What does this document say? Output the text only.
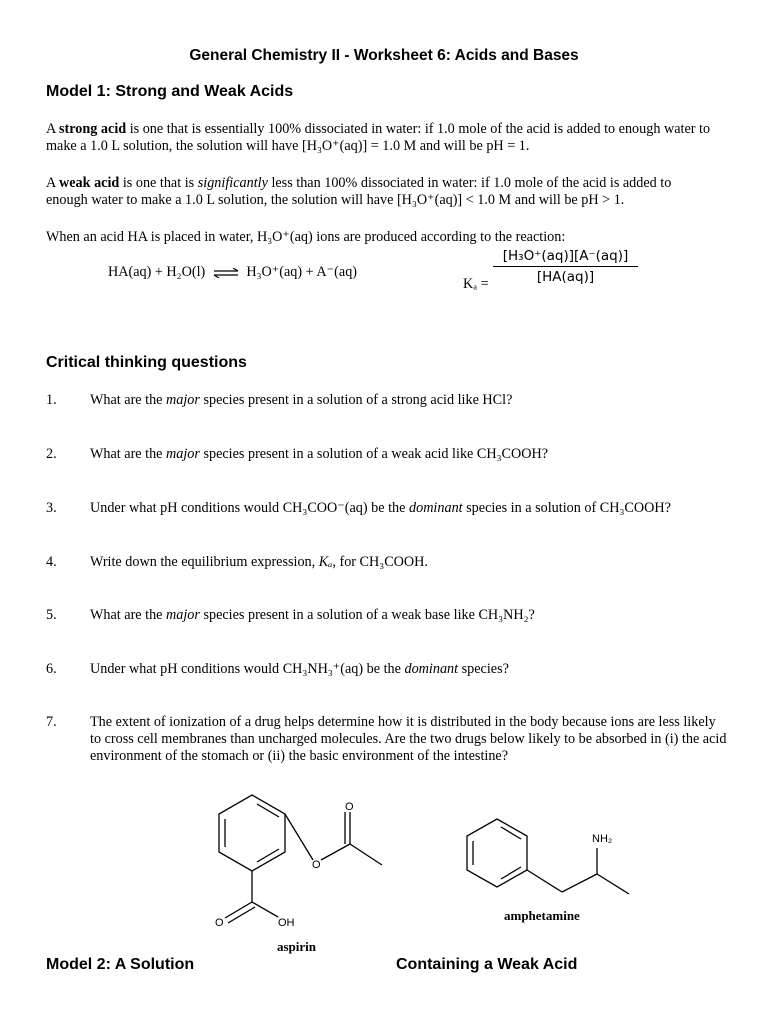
General Chemistry II - Worksheet 6: Acids and Bases
Model 1: Strong and Weak Acids
A strong acid is one that is essentially 100% dissociated in water: if 1.0 mole of the acid is added to enough water to make a 1.0 L solution, the solution will have [H₃O⁺(aq)] = 1.0 M and will be pH = 1.
A weak acid is one that is significantly less than 100% dissociated in water: if 1.0 mole of the acid is added to enough water to make a 1.0 L solution, the solution will have [H₃O⁺(aq)] < 1.0 M and will be pH > 1.
When an acid HA is placed in water, H₃O⁺(aq) ions are produced according to the reaction:
HA(aq) + H₂O(l) ⇌ H₃O⁺(aq) + A⁻(aq)
Kₐ =
[H₃O⁺(aq)][A⁻(aq)]
[HA(aq)]
Critical thinking questions
1. What are the major species present in a solution of a strong acid like HCl?
2. What are the major species present in a solution of a weak acid like CH₃COOH?
3. Under what pH conditions would CH₃COO⁻(aq) be the dominant species in a solution of CH₃COOH?
4. Write down the equilibrium expression, Kₐ, for CH₃COOH.
5. What are the major species present in a solution of a weak base like CH₃NH₂?
6. Under what pH conditions would CH₃NH₃⁺(aq) be the dominant species?
7. The extent of ionization of a drug helps determine how it is distributed in the body because ions are less likely to cross cell membranes than uncharged molecules. Are the two drugs below likely to be absorbed in (i) the acid environment of the stomach or (ii) the basic environment of the intestine?
O
O
O	OH
aspirin
NH₂
amphetamine
Model 2: A Solution	Containing a Weak Acid
